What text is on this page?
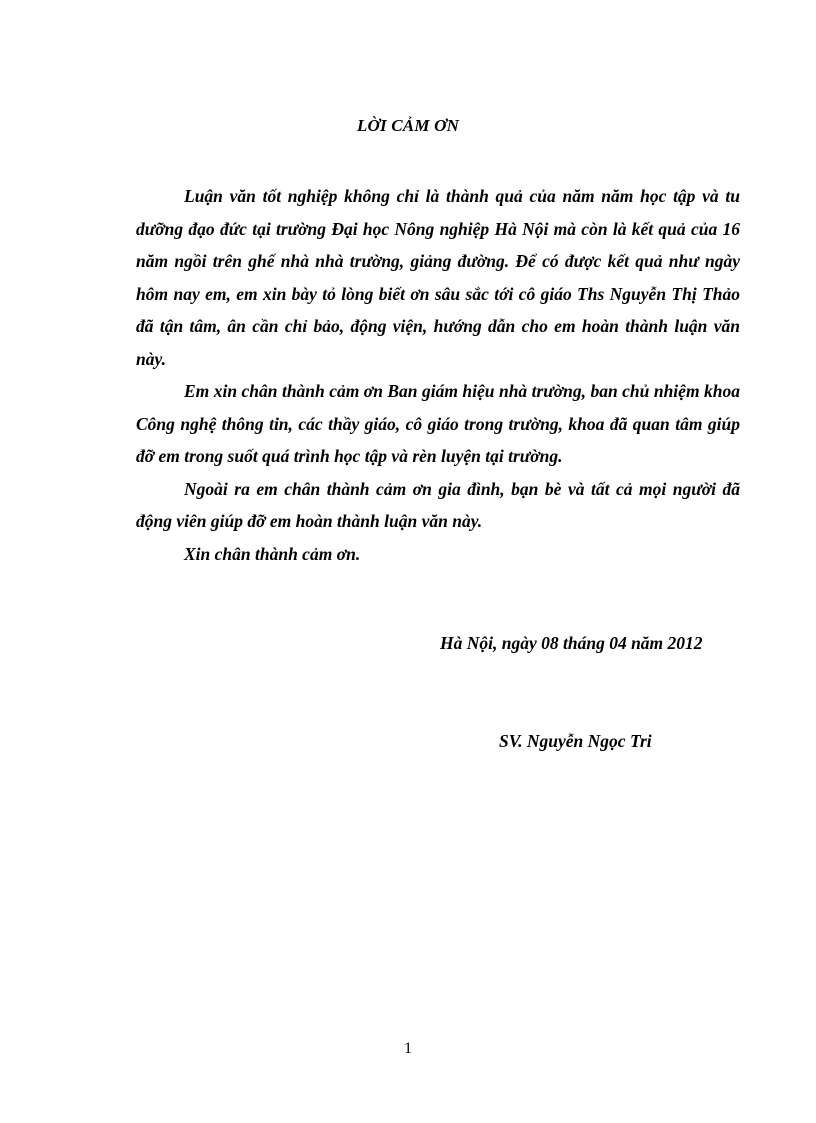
LỜI CẢM ƠN

Luận văn tốt nghiệp không chỉ là thành quả của năm năm học tập và tu dưỡng đạo đức tại trường Đại học Nông nghiệp Hà Nội mà còn là kết quả của 16 năm ngồi trên ghế nhà nhà trường, giảng đường. Để có được kết quả như ngày hôm nay em, em xin bày tỏ lòng biết ơn sâu sắc tới cô giáo Ths Nguyễn Thị Thảo đã tận tâm, ân cần chỉ bảo, động viện, hướng dẫn cho em hoàn thành luận văn này.

Em xin chân thành cảm ơn Ban giám hiệu nhà trường, ban chủ nhiệm khoa Công nghệ thông tin, các thầy giáo, cô giáo trong trường, khoa đã quan tâm giúp đỡ em trong suốt quá trình học tập và rèn luyện tại trường.

Ngoài ra em chân thành cảm ơn gia đình, bạn bè và tất cả mọi người đã động viên giúp đỡ em hoàn thành luận văn này.

Xin chân thành cảm ơn.

Hà Nội, ngày 08 tháng 04 năm 2012
SV. Nguyễn Ngọc Tri
1
